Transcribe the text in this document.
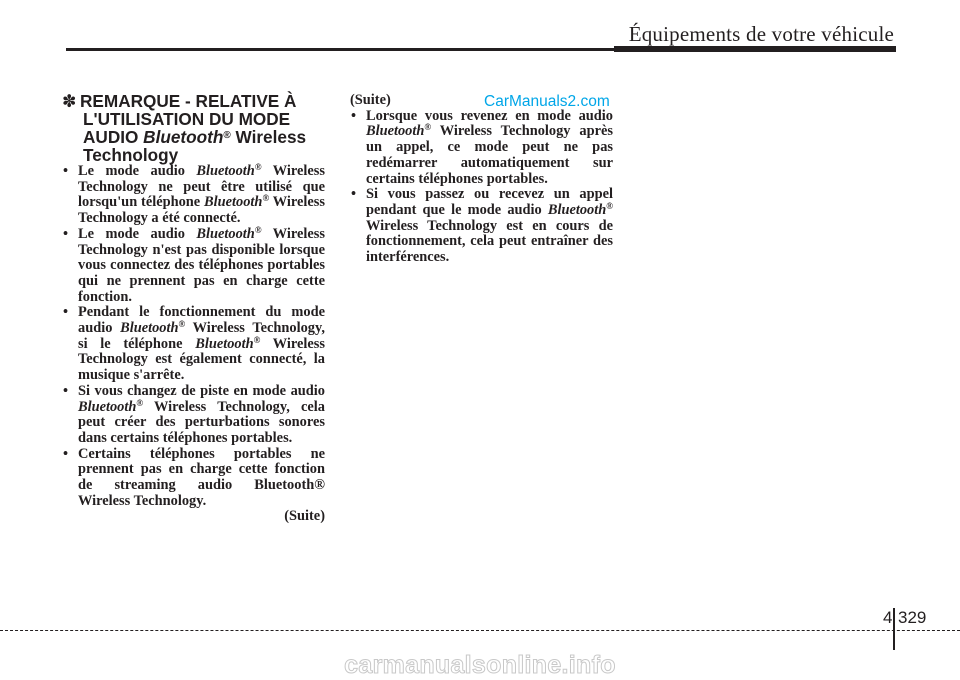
Équipements de votre véhicule
✽ REMARQUE - RELATIVE À
L'UTILISATION DU MODE
AUDIO Bluetooth® Wireless
Technology
• Le mode audio Bluetooth® Wireless Technology ne peut être utilisé que lorsqu'un téléphone Bluetooth® Wireless Technology a été connecté.
• Le mode audio Bluetooth® Wireless Technology n'est pas disponible lorsque vous connectez des téléphones portables qui ne prennent pas en charge cette fonction.
• Pendant le fonctionnement du mode audio Bluetooth® Wireless Technology, si le téléphone Bluetooth® Wireless Technology est également connecté, la musique s'arrête.
• Si vous changez de piste en mode audio Bluetooth® Wireless Technology, cela peut créer des perturbations sonores dans certains téléphones portables.
• Certains téléphones portables ne prennent pas en charge cette fonction de streaming audio Bluetooth® Wireless Technology.
(Suite)
(Suite)
• Lorsque vous revenez en mode audio Bluetooth® Wireless Technology après un appel, ce mode peut ne pas redémarrer automatiquement sur certains téléphones portables.
• Si vous passez ou recevez un appel pendant que le mode audio Bluetooth® Wireless Technology est en cours de fonctionnement, cela peut entraîner des interférences.
CarManuals2.com
4 329
carmanualsonline.info
